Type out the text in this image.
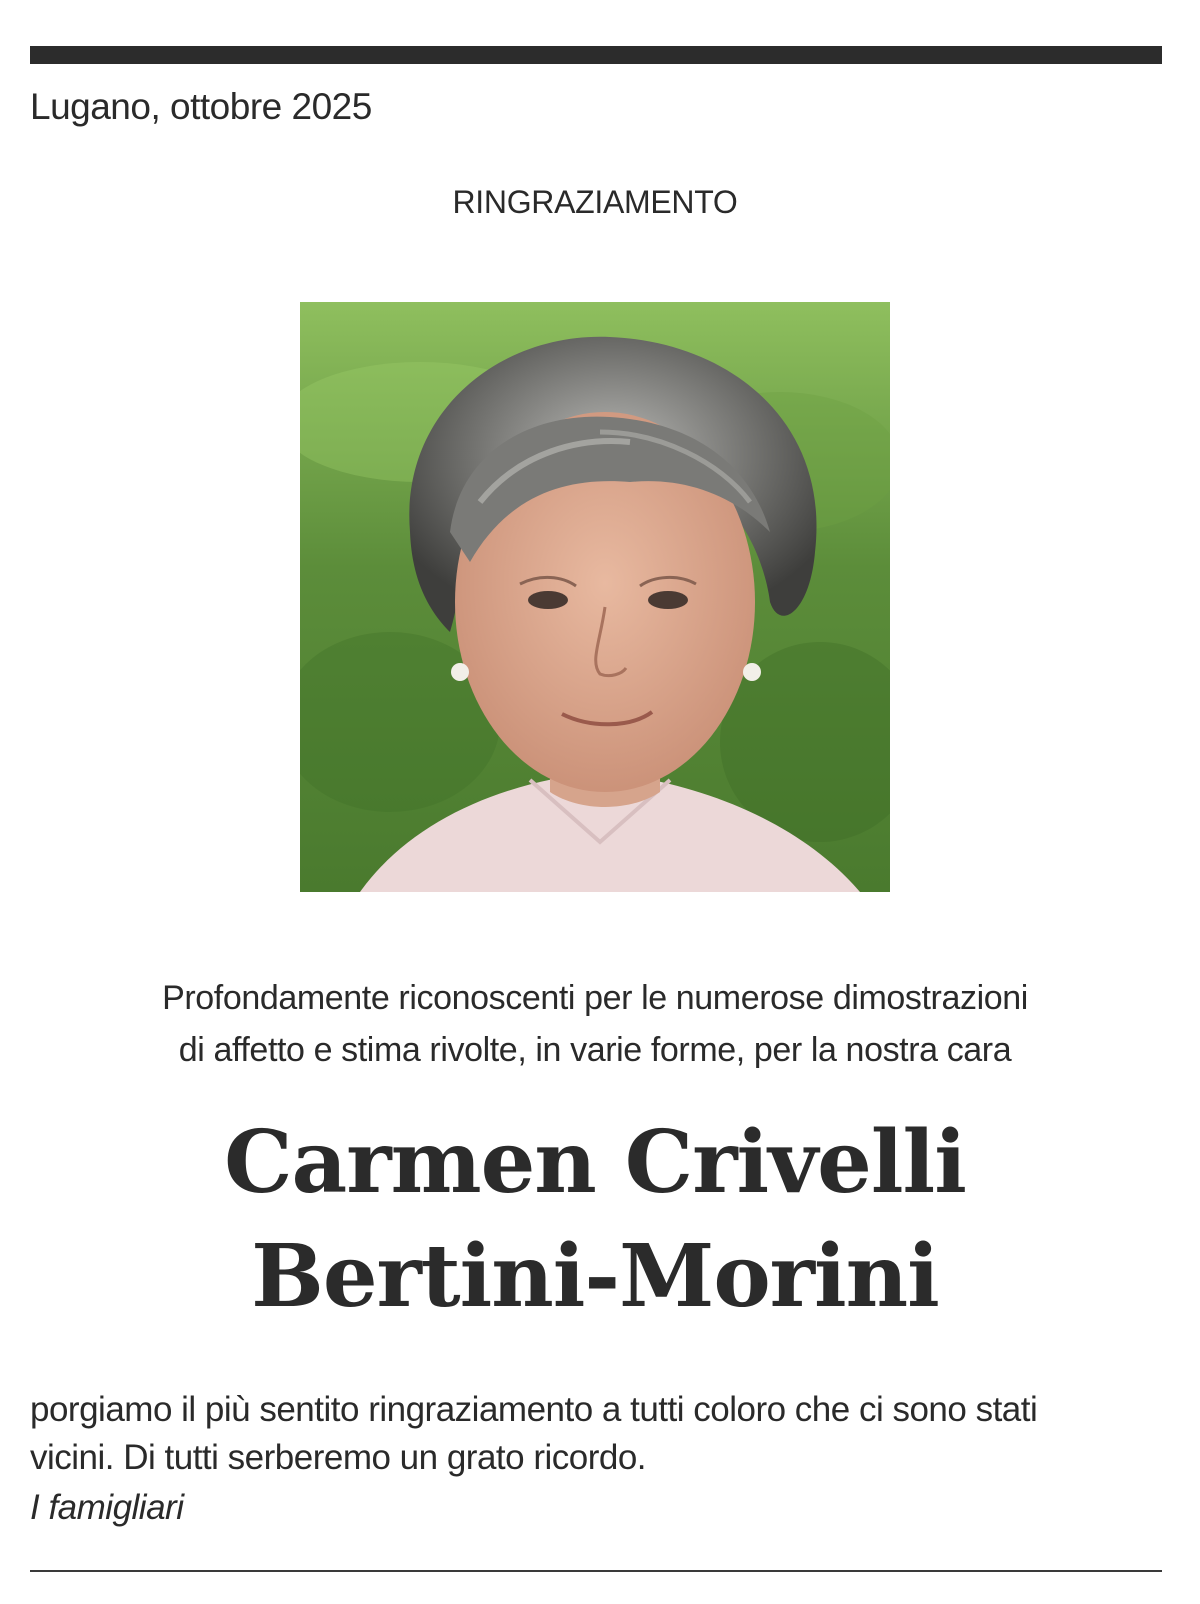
Lugano, ottobre 2025
RINGRAZIAMENTO
Profondamente riconoscenti per le numerose dimostrazioni
di affetto e stima rivolte, in varie forme, per la nostra cara
Carmen Crivelli
Bertini-Morini
porgiamo il più sentito ringraziamento a tutti coloro che ci sono stati
vicini. Di tutti serberemo un grato ricordo.
I famigliari
